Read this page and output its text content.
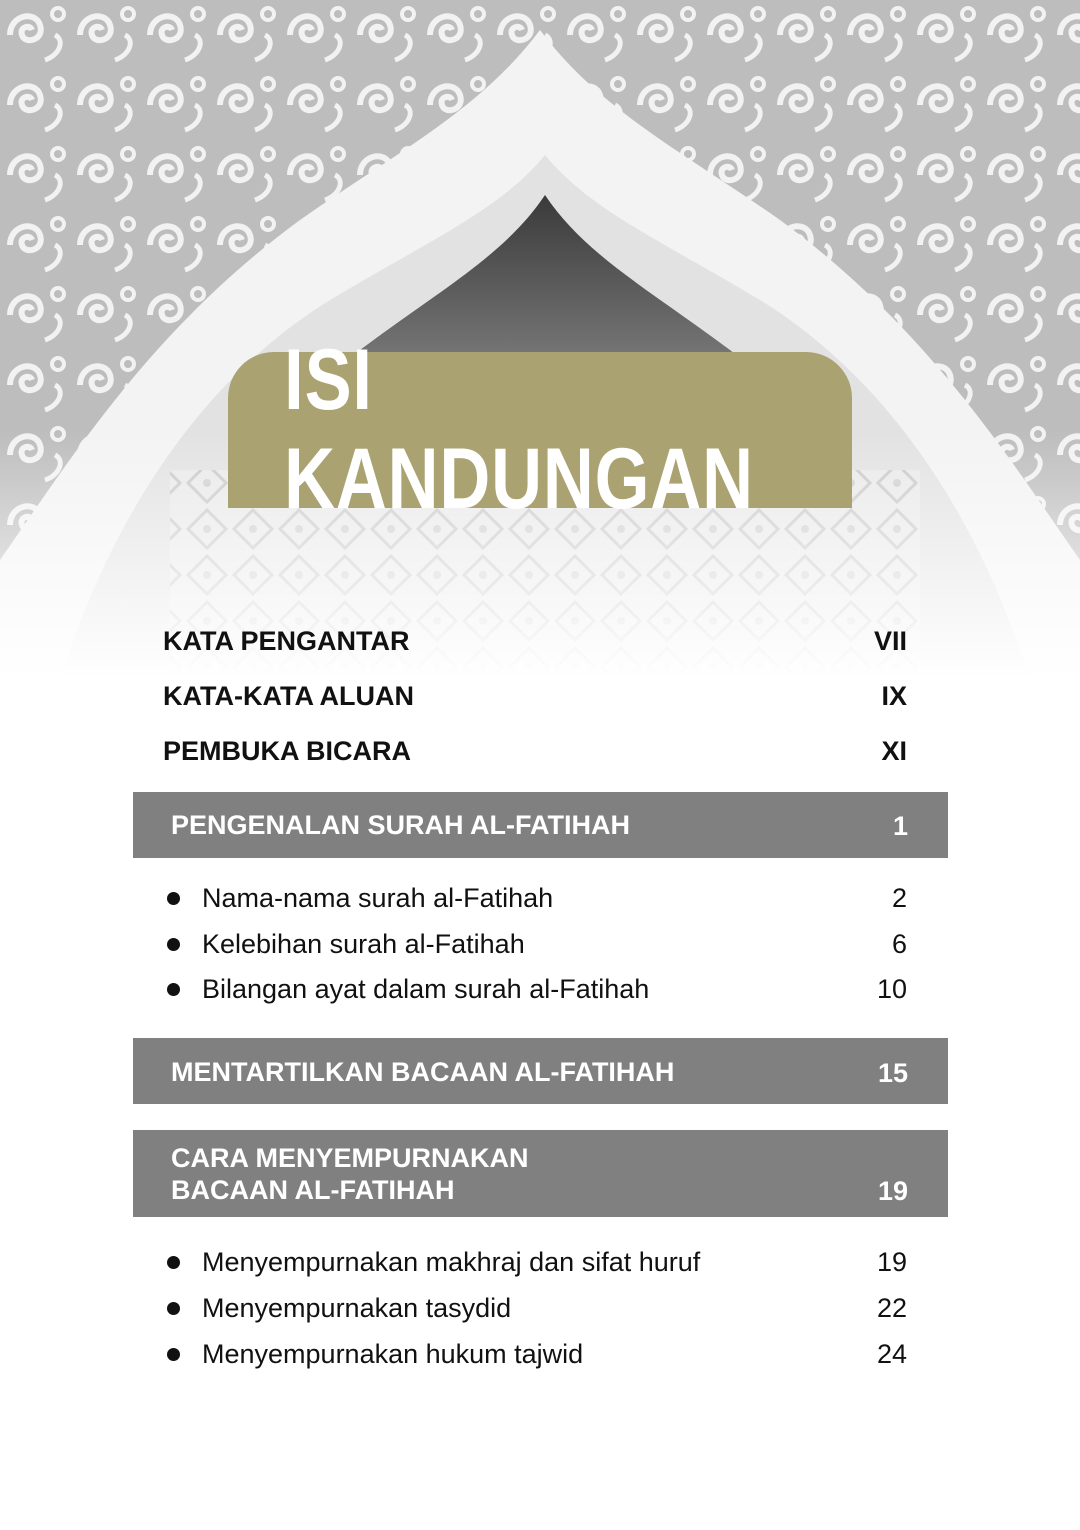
ISI KANDUNGAN
KATA PENGANTAR	VII
KATA-KATA ALUAN	IX
PEMBUKA BICARA	XI
PENGENALAN SURAH AL-FATIHAH	1
Nama-nama surah al-Fatihah	2
Kelebihan surah al-Fatihah	6
Bilangan ayat dalam surah al-Fatihah	10
MENTARTILKAN BACAAN AL-FATIHAH	15
CARA MENYEMPURNAKAN
BACAAN AL-FATIHAH	19
Menyempurnakan makhraj dan sifat huruf	19
Menyempurnakan tasydid	22
Menyempurnakan hukum tajwid	24
